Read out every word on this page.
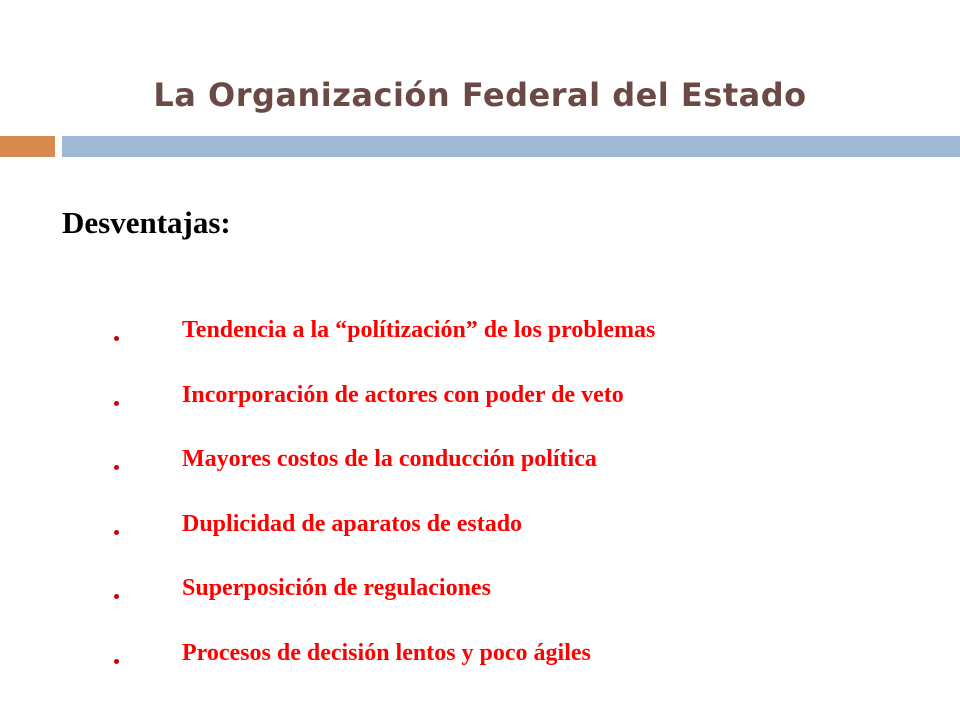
La Organización Federal del Estado
Desventajas:
Tendencia a la “polítización” de los problemas
Incorporación de actores con poder de veto
Mayores costos de la conducción política
Duplicidad de aparatos de estado
Superposición de regulaciones
Procesos de decisión lentos y poco ágiles
